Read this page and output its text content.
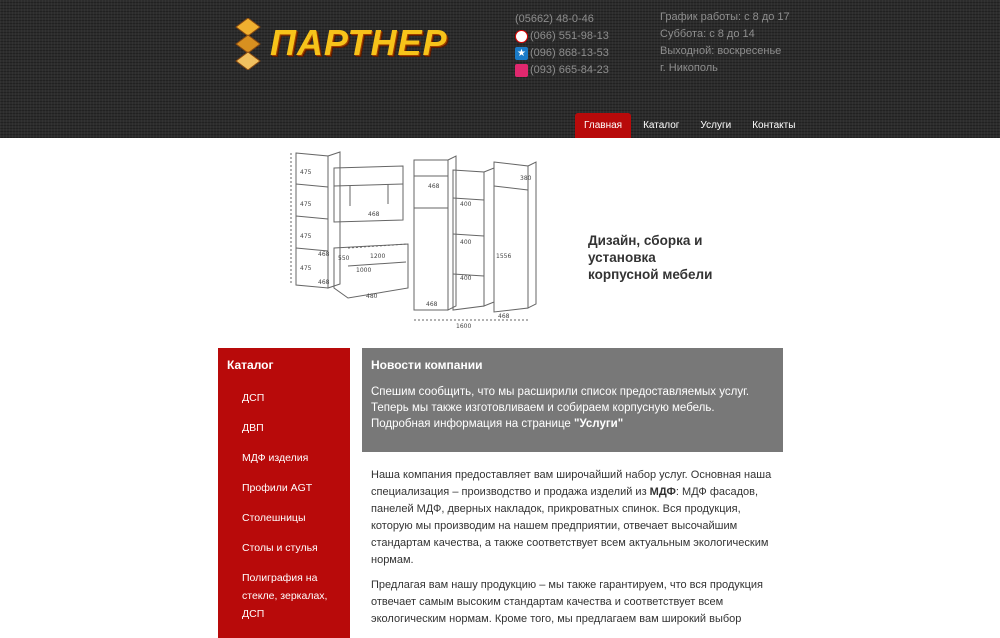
ПАРТНЕР
(05662) 48-0-46
(066) 551-98-13
★ (096) 868-13-53
(093) 665-84-23
График работы: с 8 до 17
Суббота: с 8 до 14
Выходной: воскресенье
г. Никополь
Главная	Каталог	Услуги	Контакты
475
475
475
475
468
468
1200
550
1000
480
468
400
400
380
1556
468
1600
468
468
400	Дизайн, сборка и
установка
корпусной мебели
Каталог
ДСП
ДВП
МДФ изделия
Профили AGT
Столешницы
Столы и стулья
Полиграфия на стекле, зеркалах, ДСП
Новости компании
Спешим сообщить, что мы расширили список предоставляемых услуг. Теперь мы также изготовливаем и собираем корпусную мебель. Подробная информация на странице "Услуги"
Наша компания предоставляет вам широчайший набор услуг. Основная наша специализация – производство и продажа изделий из МДФ: МДФ фасадов, панелей МДФ, дверных накладок, прикроватных спинок. Вся продукция, которую мы производим на нашем предприятии, отвечает высочайшим стандартам качества, а также соответствует всем актуальным экологическим нормам.
Предлагая вам нашу продукцию – мы также гарантируем, что вся продукция отвечает самым высоким стандартам качества и соответствует всем экологическим нормам. Кроме того, мы предлагаем вам широкий выбор
